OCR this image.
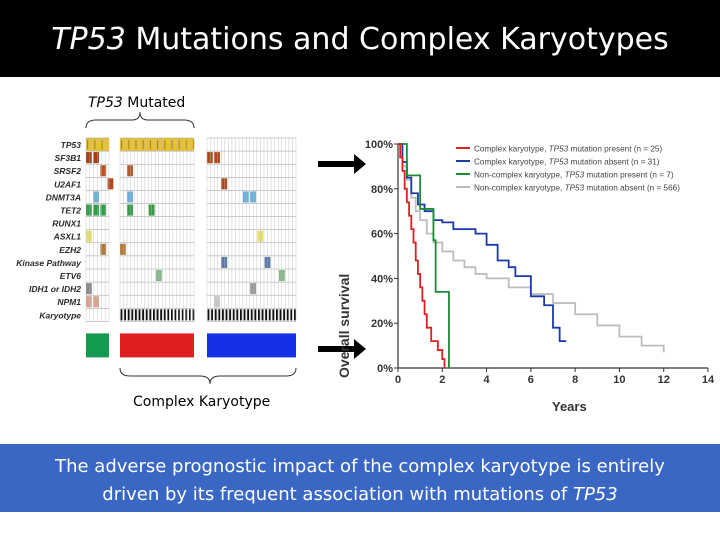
TP53 Mutations and Complex Karyotypes
TP53 Mutated
TP53
SF3B1
SRSF2
U2AF1
DNMT3A
TET2
RUNX1
ASXL1
EZH2
Kinase Pathway
ETV6
IDH1 or IDH2
NPM1
Karyotype
Complex Karyotype
Overall survival
Years
0%
20%
40%
60%
80%
100%
0	2	4	6	8	10	12	14
Complex karyotype, TP53 mutation present (n = 25)
Complex karyotype, TP53 mutation absent (n = 31)
Non-complex karyotype, TP53 mutation present (n = 7)
Non-complex karyotype, TP53 mutation absent (n = 566)
The adverse prognostic impact of the complex karyotype is entirely
driven by its frequent association with mutations of TP53
